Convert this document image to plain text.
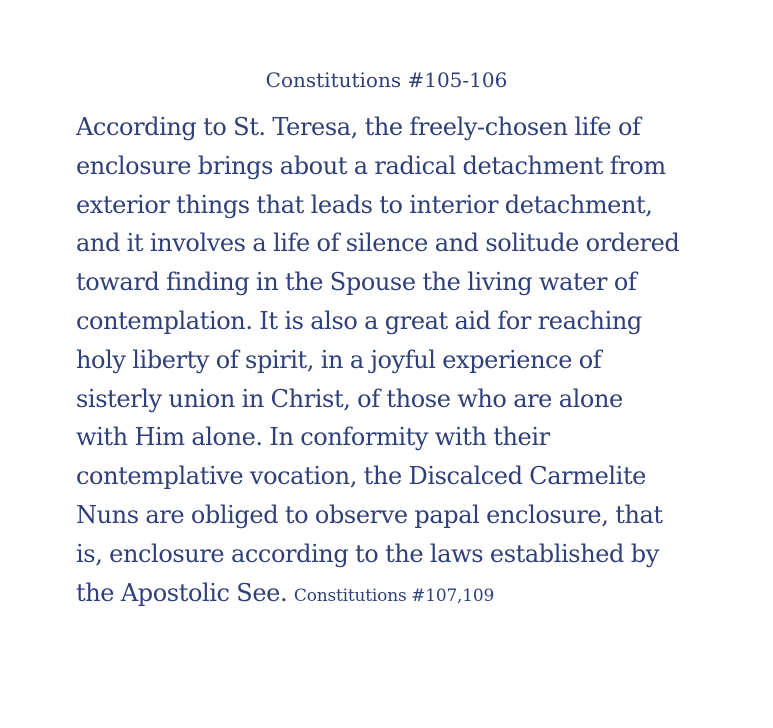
Constitutions #105-106
According to St. Teresa, the freely-chosen life of
enclosure brings about a radical detachment from
exterior things that leads to interior detachment,
and it involves a life of silence and solitude ordered
toward finding in the Spouse the living water of
contemplation. It is also a great aid for reaching
holy liberty of spirit, in a joyful experience of
sisterly union in Christ, of those who are alone
with Him alone. In conformity with their
contemplative vocation, the Discalced Carmelite
Nuns are obliged to observe papal enclosure, that
is, enclosure according to the laws established by
the Apostolic See. Constitutions #107,109
